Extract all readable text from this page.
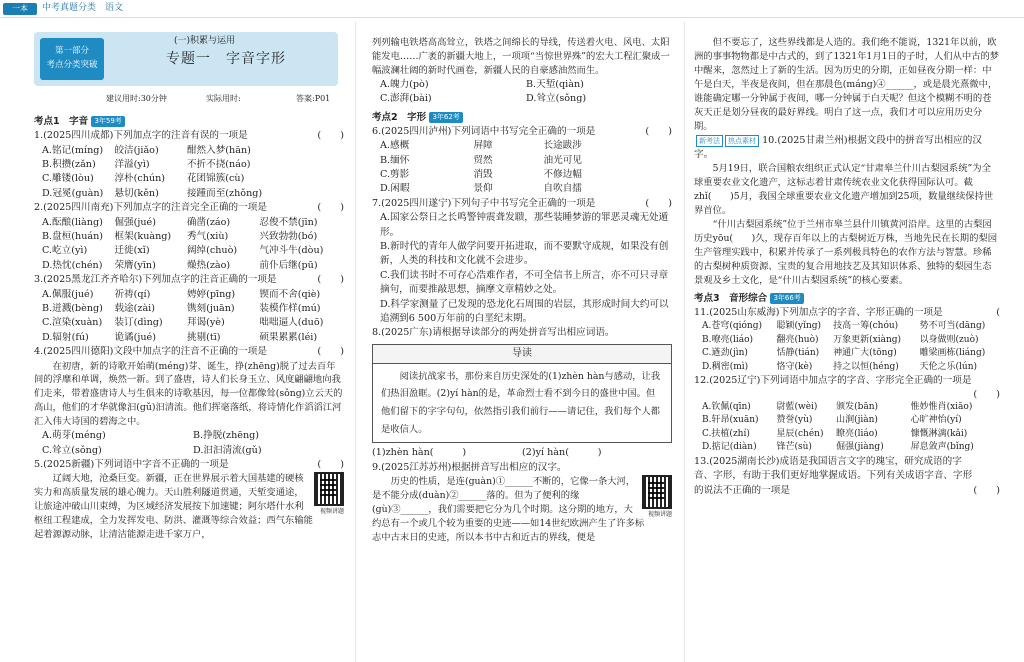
一本	中考真题分类　语文
第一部分
考点分类突破
(一)积累与运用
专题一　字音字形
建议用时:30分钟	实际用时:	答案:P01
考点1　字音 3年59考
1.(2025四川成都)下列加点字的注音有误的一项是	(　　)
A.铭记(míng)	皎洁(jiǎo)	酣然入梦(hān)
B.积攒(zǎn)	洋溢(yì)	不折不挠(náo)
C.雕镂(lòu)	淳朴(chún)	花团锦簇(cù)
D.冠冕(guàn)	悬切(kěn)	接踵而至(zhǒng)
2.(2025四川南充)下列加点字的注音完全正确的一项是	(　　)
A.酝酿(liàng)	倔强(jué)	确凿(záo)	忍俊不禁(jīn)
B.盘桓(huán)	框架(kuàng)	秀气(xiù)	兴致勃勃(bó)
C.屹立(yì)	迁徙(xǐ)	阔绰(chuò)	气冲斗牛(dòu)
D.热忱(chén)	荣膺(yīn)	燥热(zào)	前仆后继(pū)
3.(2025黑龙江齐齐哈尔)下列加点字的注音正确的一项是	(　　)
A.佩服(jué)	祈祷(qí)	娉婷(pīng)	锲而不舍(qiè)
B.迸溅(bèng)	载途(zài)	镌刻(juān)	装模作样(mú)
C.渲染(xuàn)	装订(dìng)	拜谒(yè)	咄咄逼人(duō)
D.辐射(fú)	诡谲(jué)	挑剔(tī)	硕果累累(léi)
4.(2025四川德阳)文段中加点字的注音不正确的一项是	(　　)
在初唐，新的诗歌开始萌(méng)芽、诞生，挣(zhēng)脱了过去百年间的浮靡和单调，焕然一新。到了盛唐，诗人们长身玉立、风度翩翩地向我们走来，带着盛唐诗人与生俱来的诗歌基因，每一位都像耸(sǒng)立云天的高山，他们的才华就像汩(gǔ)汩清流。他们挥毫落纸，将诗情化作滔滔江河汇入伟大诗国的碧海之中。
A.萌芽(méng)	B.挣脱(zhēng)
C.耸立(sǒng)	D.汩汩清流(gǔ)
5.(2025新疆)下列词语中字音不正确的一项是	(　　)
视频讲题
辽阔大地，沧桑巨变。新疆，正在世界展示着大国基建的硬核实力和高质量发展的雄心魄力。天山胜利隧道贯通，天堑变通途，让旅途冲破山川束缚，为区域经济发展按下加速键；阿尔塔什水利枢纽工程建成，全力发挥发电、防洪、灌溉等综合效益；西气东输能起着源源动脉，让清洁能源走进千家万户，
列列输电铁塔高高耸立，铁塔之间绵长的导线，传送着火电、风电、太阳能发电……广袤的新疆大地上，一项项“当惊世界殊”的宏大工程汇聚成一幅波澜壮阔的新时代画卷，新疆人民的自豪感油然而生。
A.魄力(pò)	B.天堑(qiàn)
C.澎湃(bài)	D.耸立(sǒng)
考点2　字形 3年62考
6.(2025四川泸州)下列词语中书写完全正确的一项是	(　　)
A.感概	屏障	长途跋涉
B.缅怀	贸然	油光可见
C.剪影	消毁	不修边幅
D.闲暇	景仰	自吹自擂
7.(2025四川遂宁)下列句子中书写完全正确的一项是	(　　)
A.国家公祭日之长鸣警钟震聋发聩，那些装睡梦游的罪恶灵魂无处遁形。
B.新时代的青年人做学问要开拓进取，而不要默守成规，如果没有创新，人类的科技和文化就不会进步。
C.我们读书时不可存心浩难作者，不可全信书上所言，亦不可只寻章摘句，而要推敲思想，摘摩文章精妙之处。
D.科学家测量了已发现的恐龙化石周围的岩层，其形成时间大约可以追溯到6 500万年前的白垩纪末期。
8.(2025广东)请根据导读部分的两处拼音写出相应词语。
导读
阅读抗战家书，那份来自历史深处的(1)zhèn hàn与感动，让我们热泪盈眶。(2)yí hàn的是，革命烈士看不到今日的盛世中国。但他们留下的字字句句，依然指引我们前行——请记住，我们每个人都是收信人。
(1)zhèn hàn(　　　)	(2)yí hàn(　　　)
9.(2025江苏苏州)根据拼音写出相应的汉字。
视频讲题
历史的性质，是连(guàn)①______不断的，它像一条大河，是不能分成(duàn)②______落的。但为了便利的缘(gù)③______，我们需要把它分为几个时期。这分期的地方，大约总有一个或几个较为重要的史迹——如14世纪欧洲产生了许多标志中古末日的史迹，所以本书中古和近古的界线，便是
但不要忘了，这些界线都是人造的。我们绝不能说，1321年以前，欧洲的事事物物都是中古式的，到了1321年1月1日的子时，人们从中古的梦中醒来，忽然过上了新的生活。因为历史的分期，正如昼夜分期一样：中午是白天，半夜是夜间，但在那晨色(máng)④______，或是晨光熹微中，谁能确定哪一分钟属于夜间，哪一分钟属于白天呢？但这个模糊不明的苍灰天正是划分昼夜的最好界线。明白了这一点，我们才可以应用历史分期。
新考法 热点素材 10.(2025甘肃兰州)根据文段中的拼音写出相应的汉字。
5月19日，联合国粮农组织正式认定“甘肃皋兰什川古梨园系统”为全球重要农业文化遗产，这标志着甘肃传统农业文化获得国际认可。截zhǐ(　　)5月，我国全球重要农业文化遗产增加到25项，数量继续保持世界首位。
“什川古梨园系统”位于兰州市皋兰县什川镇黄河沿岸。这里的古梨园历史yōu(　　)久，现存百年以上的古梨树近万株，当地先民在长期的梨园生产管理实践中，积累并传承了一系列极具特色的农作方法与智慧。珍稀的古梨树种质资源、宝贵的复合用地技艺及其知识体系、独特的梨园生态景观及乡土文化，是“什川古梨园系统”的核心要素。
考点3　音形综合 3年66考
11.(2025山东威海)下列加点字的字音、字形正确的一项是	(
A.苍穹(qióng)	聪颖(yǐng)	技高一筹(chóu)	势不可当(dāng)
B.嘹亮(liáo)	翻亮(huò)	万象更新(xiàng)	以身做则(zuò)
C.遒劲(jìn)	恬静(tián)	神通广大(tōng)	雕梁画栋(liáng)
D.稠密(mì)	恪守(kè)	持之以恒(héng)	天伦之乐(lún)
12.(2025辽宁)下列词语中加点字的字音、字形完全正确的一项是
(　　)
A.钦佩(qīn)	尉藍(wèi)	颁发(bān)	惟妙惟肖(xiāo)
B.轩昂(xuān)	赞誉(yù)	山涧(jiàn)	心旷神怡(yí)
C.扶植(zhí)	星辰(chén)	瞭亮(liáo)	慷慨淋漓(kǎi)
D.掂记(diàn)	锋芒(sù)	倔强(jiàng)	屏息敛声(bǐng)
13.(2025湖南长沙)成语是我国语言文字的瑰宝，研究成语的字音、字形，有助于我们更好地掌握成语。下列有关成语字音、字形的说法不正确的一项是	(　　)
